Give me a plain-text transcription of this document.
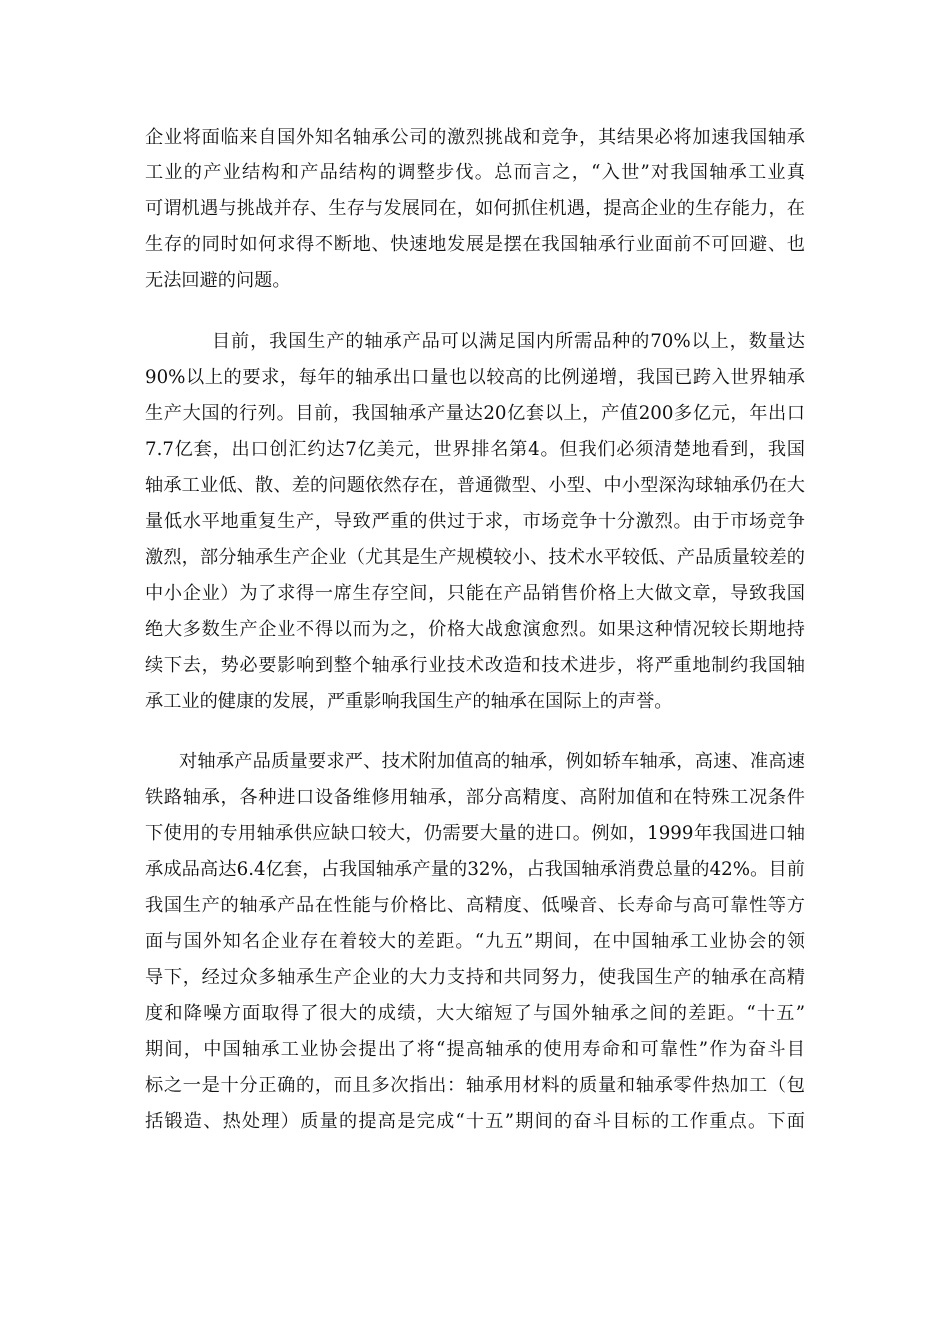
企业将面临来自国外知名轴承公司的激烈挑战和竞争，其结果必将加速我国轴承

工业的产业结构和产品结构的调整步伐。总而言之，“入世”对我国轴承工业真

可谓机遇与挑战并存、生存与发展同在，如何抓住机遇，提高企业的生存能力，在

生存的同时如何求得不断地、快速地发展是摆在我国轴承行业面前不可回避、也

无法回避的问题。

目前，我国生产的轴承产品可以满足国内所需品种的70%以上，数量达

90%以上的要求，每年的轴承出口量也以较高的比例递增，我国已跨入世界轴承

生产大国的行列。目前，我国轴承产量达20亿套以上，产值200多亿元，年出口

7.7亿套，出口创汇约达7亿美元，世界排名第4。但我们必须清楚地看到，我国

轴承工业低、散、差的问题依然存在，普通微型、小型、中小型深沟球轴承仍在大

量低水平地重复生产，导致严重的供过于求，市场竞争十分激烈。由于市场竞争

激烈，部分轴承生产企业（尤其是生产规模较小、技术水平较低、产品质量较差的

中小企业）为了求得一席生存空间，只能在产品销售价格上大做文章，导致我国

绝大多数生产企业不得以而为之，价格大战愈演愈烈。如果这种情况较长期地持

续下去，势必要影响到整个轴承行业技术改造和技术进步，将严重地制约我国轴

承工业的健康的发展，严重影响我国生产的轴承在国际上的声誉。

对轴承产品质量要求严、技术附加值高的轴承，例如轿车轴承，高速、准高速

铁路轴承，各种进口设备维修用轴承，部分高精度、高附加值和在特殊工况条件

下使用的专用轴承供应缺口较大，仍需要大量的进口。例如，1999年我国进口轴

承成品高达6.4亿套，占我国轴承产量的32%，占我国轴承消费总量的42%。目前

我国生产的轴承产品在性能与价格比、高精度、低噪音、长寿命与高可靠性等方

面与国外知名企业存在着较大的差距。“九五”期间，在中国轴承工业协会的领

导下，经过众多轴承生产企业的大力支持和共同努力，使我国生产的轴承在高精

度和降噪方面取得了很大的成绩，大大缩短了与国外轴承之间的差距。“十五”

期间，中国轴承工业协会提出了将“提高轴承的使用寿命和可靠性”作为奋斗目

标之一是十分正确的，而且多次指出：轴承用材料的质量和轴承零件热加工（包

括锻造、热处理）质量的提高是完成“十五”期间的奋斗目标的工作重点。下面
